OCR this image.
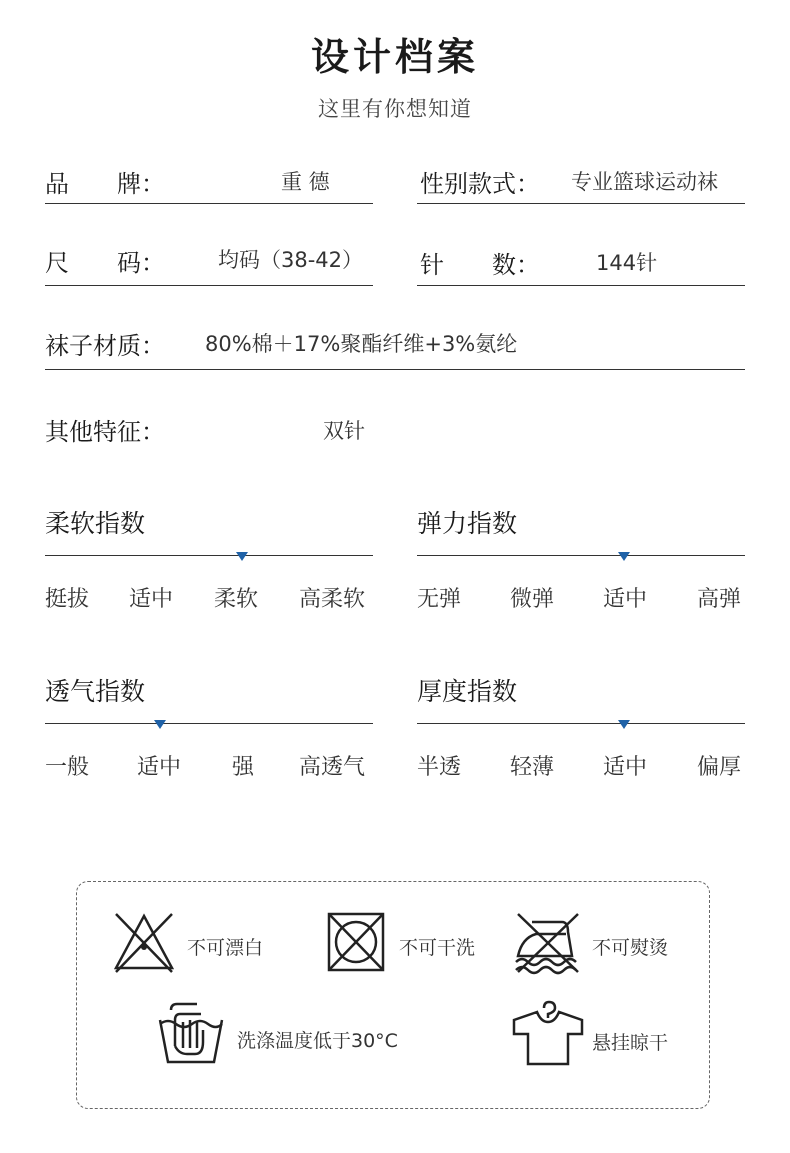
设计档案
这里有你想知道
品　　牌：	重 德	性别款式： 专业篮球运动袜
尺　　码：	均码（38-42） 针　　数：	144针
袜子材质： 80%棉＋17%聚酯纤维+3%氨纶
其他特征：	双针
柔软指数
挺拔 适中 柔软 高柔软
弹力指数
无弹 微弹 适中 高弹
透气指数
一般 适中 强 高透气
厚度指数
半透 轻薄 适中 偏厚
不可漂白	不可干洗	不可熨烫
洗涤温度低于30°C	悬挂晾干
